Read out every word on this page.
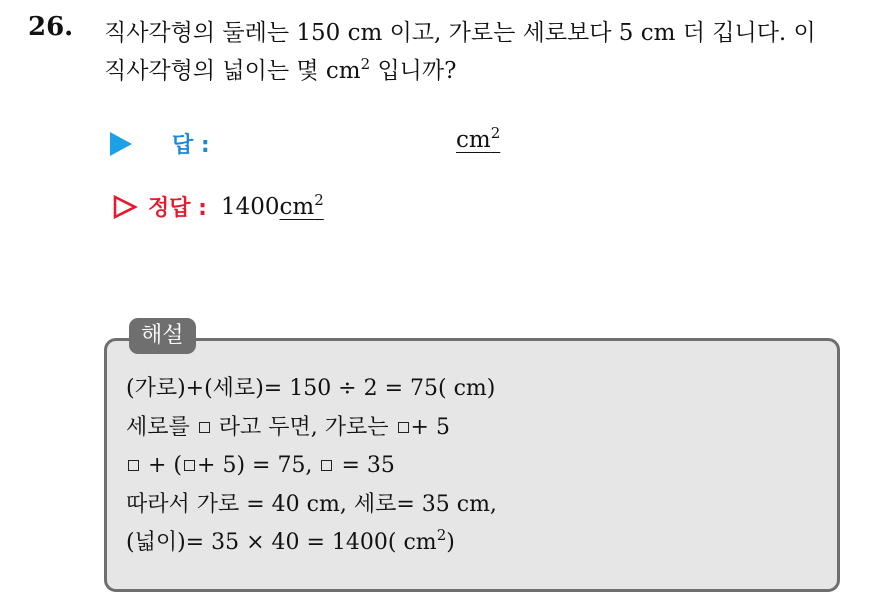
26. 직사각형의 둘레는 150 cm 이고, 가로는 세로보다 5 cm 더 깁니다. 이
직사각형의 넓이는 몇 $cm^2$ 입니까?
답 :	$cm^2$
정답 : 1400 $cm^2$
해설
(가로)+(세로)= 150 ÷ 2 = 75( cm)
세로를 라고 두면, 가로는 + 5
+ ( + 5) = 75, = 35
따라서 가로 = 40 cm, 세로= 35 cm,
(넓이)= 35 × 40 = 1400( $cm^2$)
